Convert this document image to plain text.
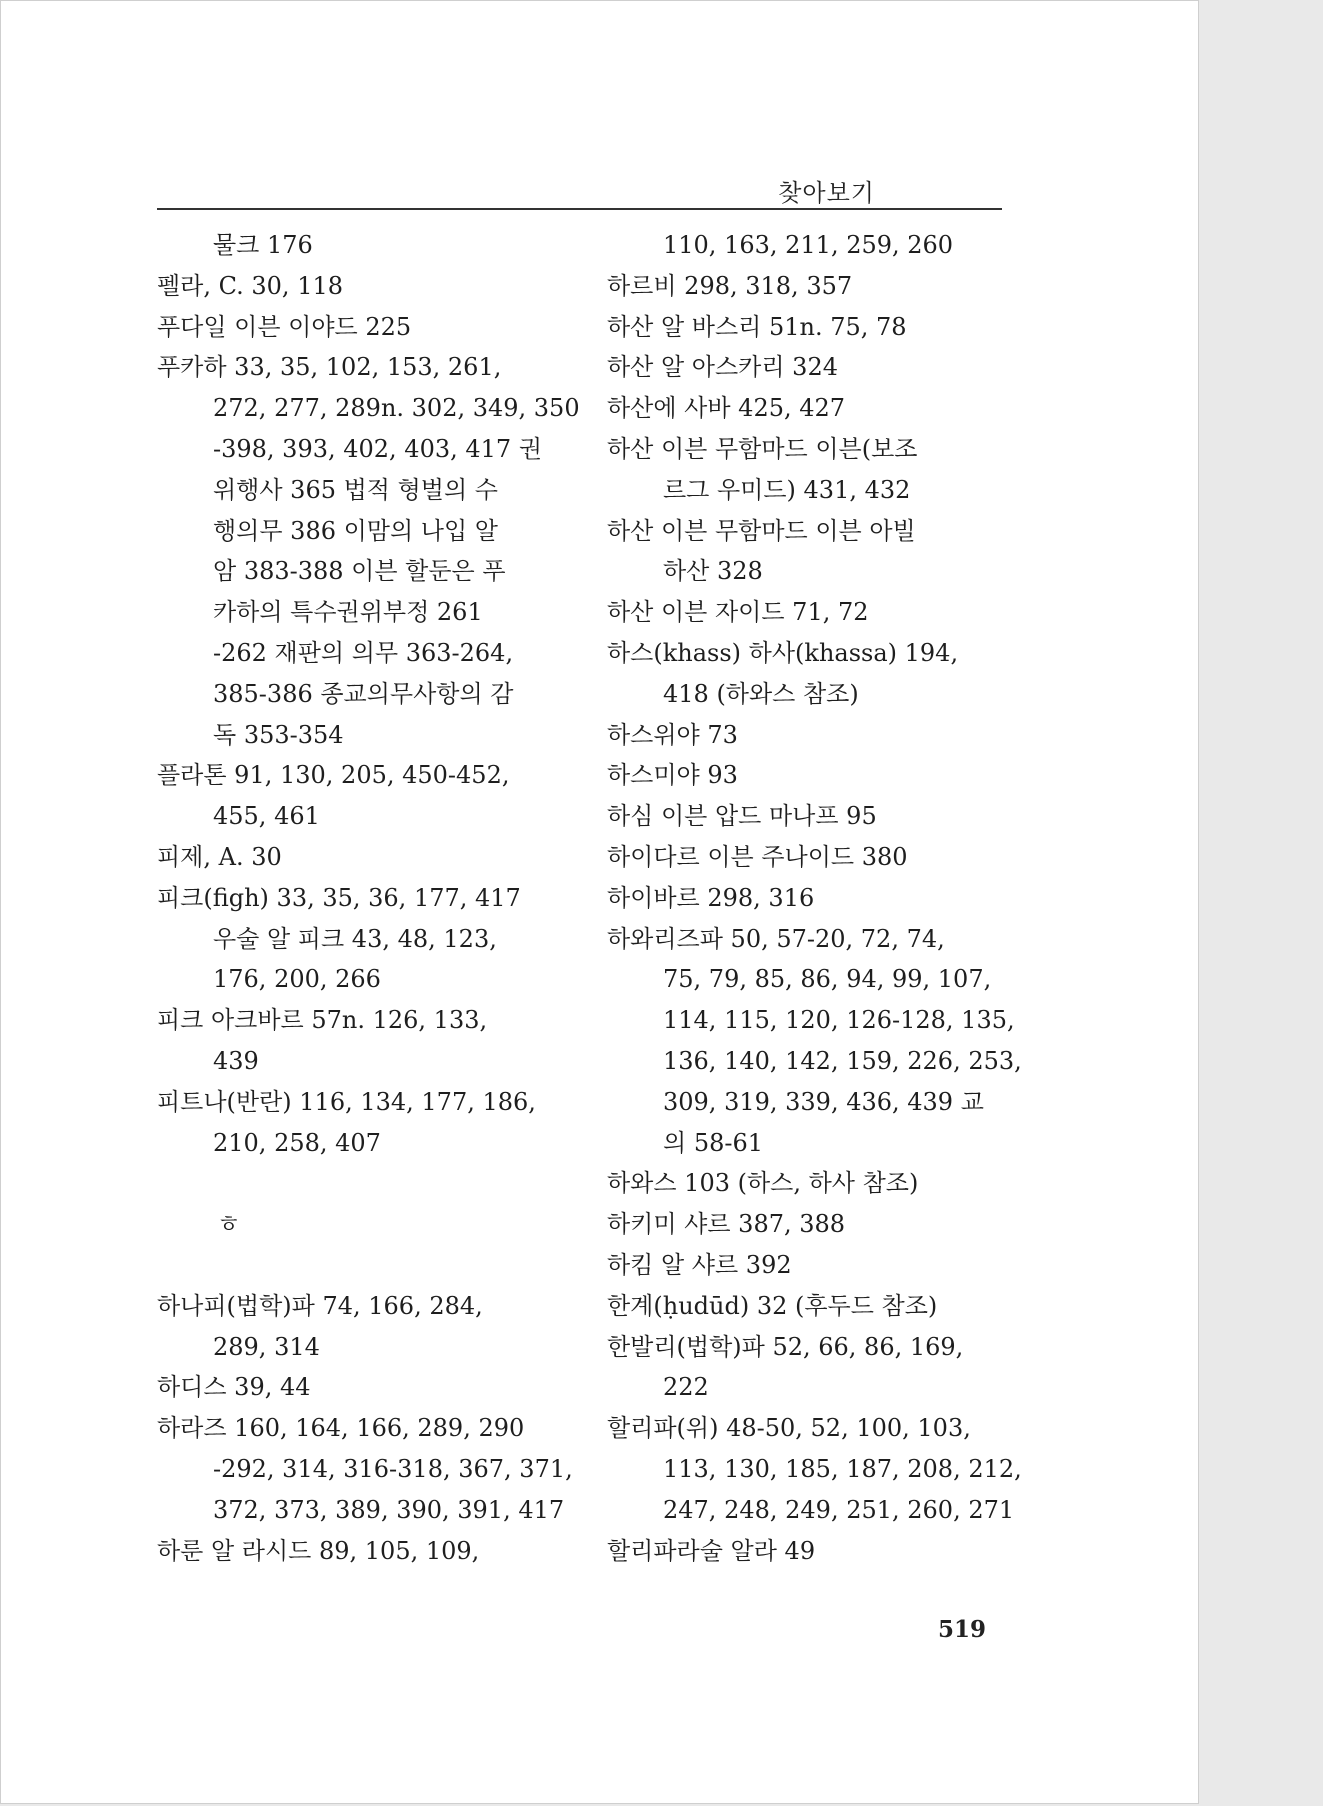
찾아보기
물크 176
펠라, C. 30, 118
푸다일 이븐 이야드 225
푸카하 33, 35, 102, 153, 261,
272, 277, 289n. 302, 349, 350
-398, 393, 402, 403, 417 권
위행사 365 법적 형벌의 수
행의무 386 이맘의 나입 알
암 383-388 이븐 할둔은 푸
카하의 특수권위부정 261
-262 재판의 의무 363-264,
385-386 종교의무사항의 감
독 353-354
플라톤 91, 130, 205, 450-452,
455, 461
피제, A. 30
피크(figh) 33, 35, 36, 177, 417
우술 알 피크 43, 48, 123,
176, 200, 266
피크 아크바르 57n. 126, 133,
439
피트나(반란) 116, 134, 177, 186,
210, 258, 407
ㅎ
하나피(법학)파 74, 166, 284,
289, 314
하디스 39, 44
하라즈 160, 164, 166, 289, 290
-292, 314, 316-318, 367, 371,
372, 373, 389, 390, 391, 417
하룬 알 라시드 89, 105, 109,
110, 163, 211, 259, 260
하르비 298, 318, 357
하산 알 바스리 51n. 75, 78
하산 알 아스카리 324
하산에 사바 425, 427
하산 이븐 무함마드 이븐(보조
르그 우미드) 431, 432
하산 이븐 무함마드 이븐 아빌
하산 328
하산 이븐 자이드 71, 72
하스(khass) 하사(khassa) 194,
418 (하와스 참조)
하스위야 73
하스미야 93
하심 이븐 압드 마나프 95
하이다르 이븐 주나이드 380
하이바르 298, 316
하와리즈파 50, 57-20, 72, 74,
75, 79, 85, 86, 94, 99, 107,
114, 115, 120, 126-128, 135,
136, 140, 142, 159, 226, 253,
309, 319, 339, 436, 439 교
의 58-61
하와스 103 (하스, 하사 참조)
하키미 샤르 387, 388
하킴 알 샤르 392
한계(ḥudūd) 32 (후두드 참조)
한발리(법학)파 52, 66, 86, 169,
222
할리파(위) 48-50, 52, 100, 103,
113, 130, 185, 187, 208, 212,
247, 248, 249, 251, 260, 271
할리파라술 알라 49
519
